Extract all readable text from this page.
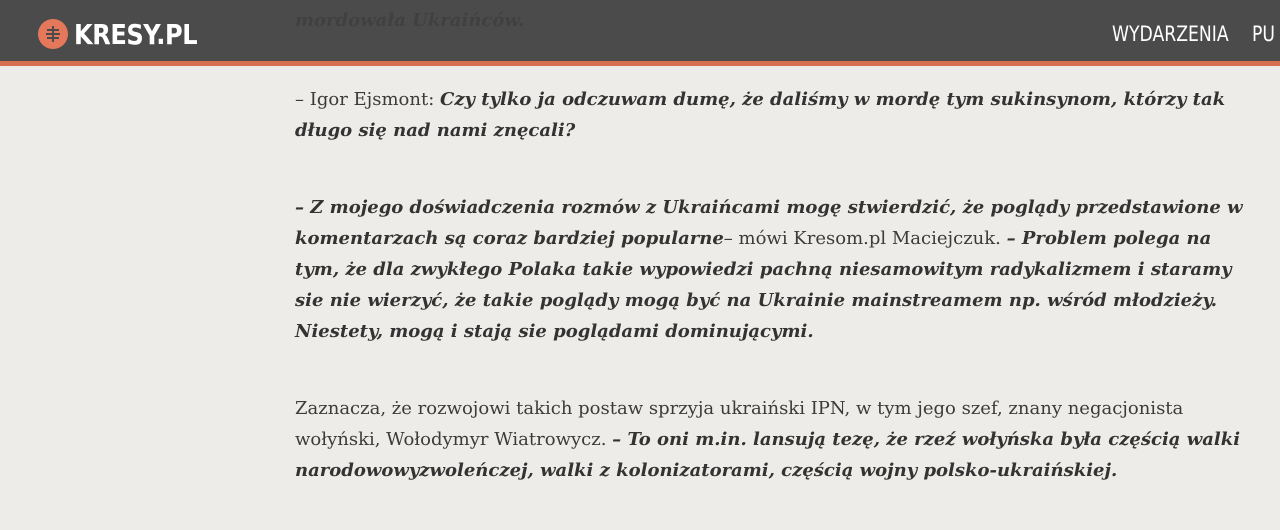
KRESY.PL	WYDARZENIA PU
mordowała Ukraińców.

– Igor Ejsmont: Czy tylko ja odczuwam dumę, że daliśmy w mordę tym sukinsynom, którzy tak długo się nad nami znęcali?

– Z mojego doświadczenia rozmów z Ukraińcami mogę stwierdzić, że poglądy przedstawione w komentarzach są coraz bardziej popularne– mówi Kresom.pl Maciejczuk. – Problem polega na tym, że dla zwykłego Polaka takie wypowiedzi pachną niesamowitym radykalizmem i staramy sie nie wierzyć, że takie poglądy mogą być na Ukrainie mainstreamem np. wśród młodzieży. Niestety, mogą i stają sie poglądami dominującymi.

Zaznacza, że rozwojowi takich postaw sprzyja ukraiński IPN, w tym jego szef, znany negacjonista wołyński, Wołodymyr Wiatrowycz. – To oni m.in. lansują tezę, że rzeź wołyńska była częścią walki narodowowyzwoleńczej, walki z kolonizatorami, częścią wojny polsko-ukraińskiej.
